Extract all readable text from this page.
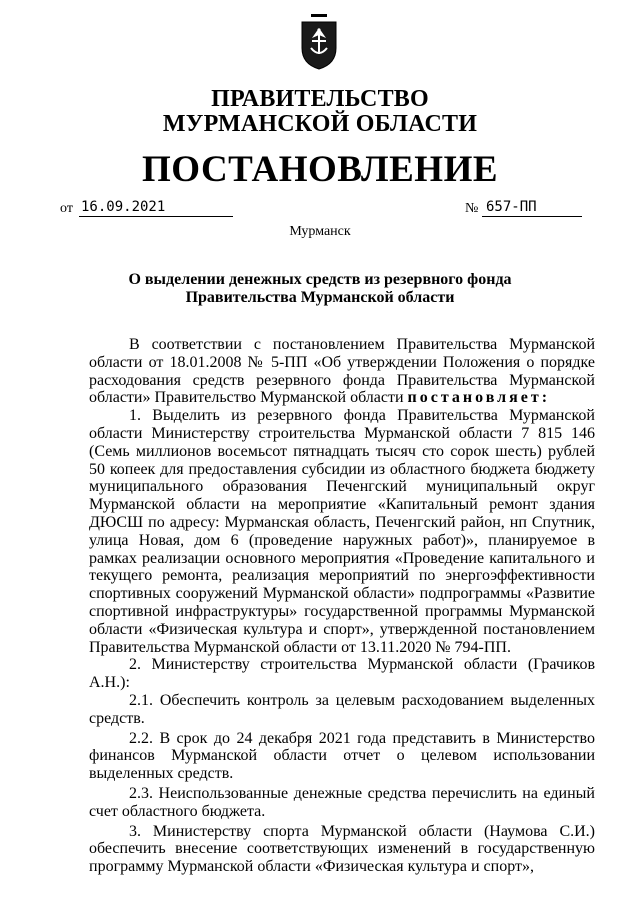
ПРАВИТЕЛЬСТВО
МУРМАНСКОЙ ОБЛАСТИ
ПОСТАНОВЛЕНИЕ
от 16.09.2021	№ 657-ПП
Мурманск
О выделении денежных средств из резервного фонда
Правительства Мурманской области

В соответствии с постановлением Правительства Мурманской области от 18.01.2008 № 5-ПП «Об утверждении Положения о порядке расходования средств резервного фонда Правительства Мурманской области» Правительство Мурманской области постановляет:

1. Выделить из резервного фонда Правительства Мурманской области Министерству строительства Мурманской области 7 815 146 (Семь миллионов восемьсот пятнадцать тысяч сто сорок шесть) рублей 50 копеек для предоставления субсидии из областного бюджета бюджету муниципального образования Печенгский муниципальный округ Мурманской области на мероприятие «Капитальный ремонт здания ДЮСШ по адресу: Мурманская область, Печенгский район, нп Спутник, улица Новая, дом 6 (проведение наружных работ)», планируемое в рамках реализации основного мероприятия «Проведение капитального и текущего ремонта, реализация мероприятий по энергоэффективности спортивных сооружений Мурманской области» подпрограммы «Развитие спортивной инфраструктуры» государственной программы Мурманской области «Физическая культура и спорт», утвержденной постановлением Правительства Мурманской области от 13.11.2020 № 794-ПП.

2. Министерству строительства Мурманской области (Грачиков А.Н.):

2.1. Обеспечить контроль за целевым расходованием выделенных средств.

2.2. В срок до 24 декабря 2021 года представить в Министерство финансов Мурманской области отчет о целевом использовании выделенных средств.

2.3. Неиспользованные денежные средства перечислить на единый счет областного бюджета.

3. Министерству спорта Мурманской области (Наумова С.И.) обеспечить внесение соответствующих изменений в государственную программу Мурманской области «Физическая культура и спорт»,
